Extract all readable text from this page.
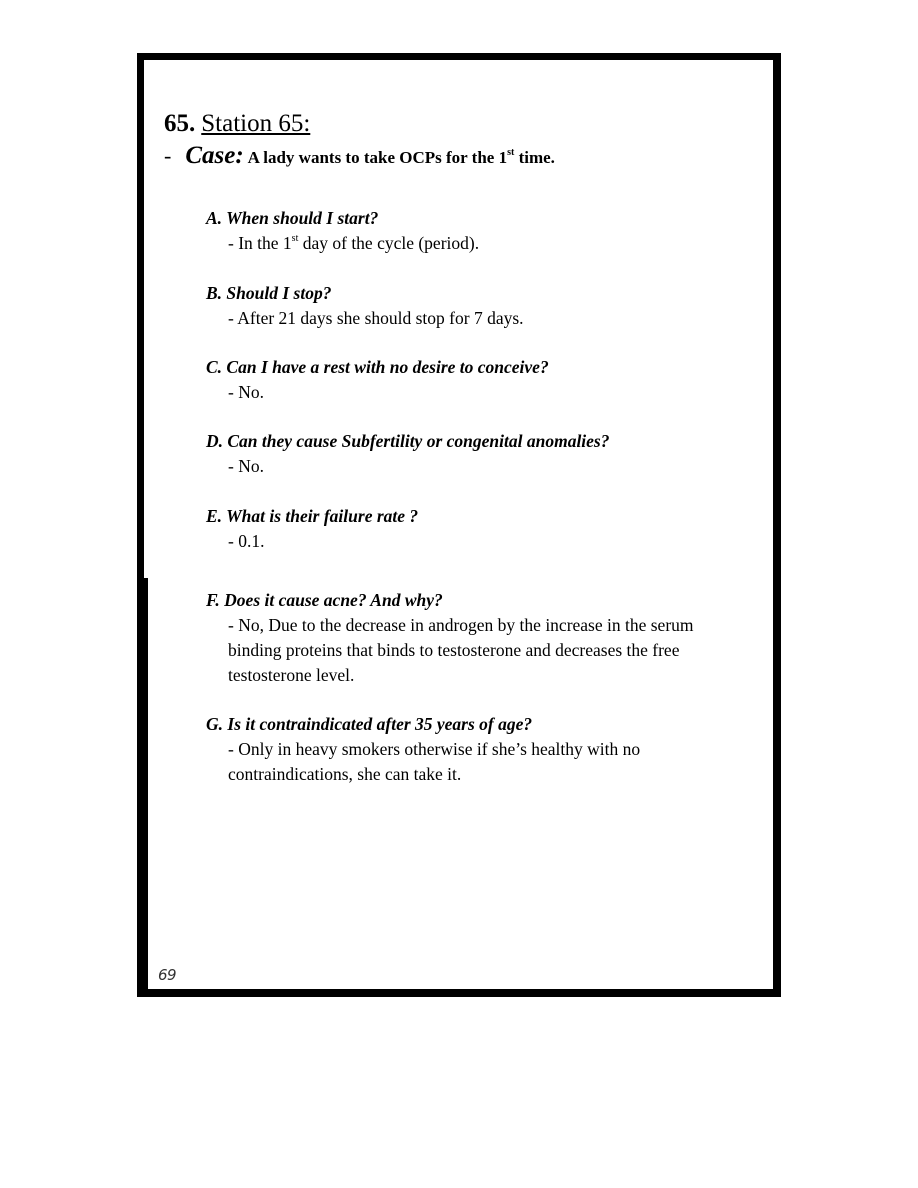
65. Station 65:
- Case: A lady wants to take OCPs for the 1st time.
A. When should I start?
- In the 1st day of the cycle (period).
B. Should I stop?
- After 21 days she should stop for 7 days.
C. Can I have a rest with no desire to conceive?
- No.
D. Can they cause Subfertility or congenital anomalies?
- No.
E. What is their failure rate ?
- 0.1.
F. Does it cause acne? And why?
- No, Due to the decrease in androgen by the increase in the serum binding proteins that binds to testosterone and decreases the free testosterone level.
G. Is it contraindicated after 35 years of age?
- Only in heavy smokers otherwise if she’s healthy with no contraindications, she can take it.
69
